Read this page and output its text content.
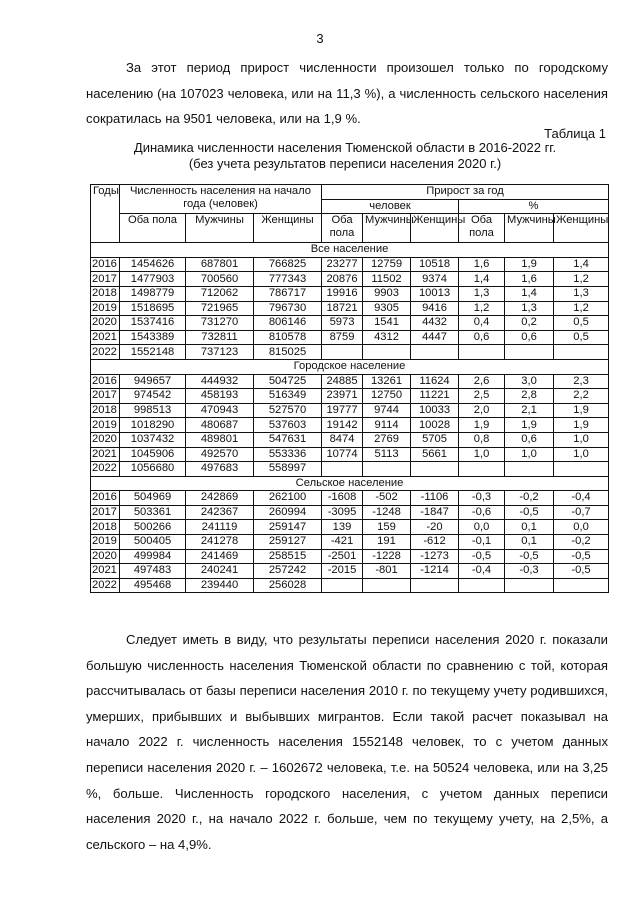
3

За этот период прирост численности произошел только по городскому населению (на 107023 человека, или на 11,3 %), а численность сельского населения сократилась на 9501 человека, или на 1,9 %.

Таблица 1
Динамика численности населения Тюменской области в 2016-2022 гг.
(без учета результатов переписи населения 2020 г.)
Годы	Численность населения на начало года (человек)			Прирост за год					
				человек			%		
	Оба пола	Мужчины	Женщины	Оба пола	Мужчины	Женщины	Оба пола	Мужчины	Женщины
Все население									
2016	1454626	687801	766825	23277	12759	10518	1,6	1,9	1,4
2017	1477903	700560	777343	20876	11502	9374	1,4	1,6	1,2
2018	1498779	712062	786717	19916	9903	10013	1,3	1,4	1,3
2019	1518695	721965	796730	18721	9305	9416	1,2	1,3	1,2
2020	1537416	731270	806146	5973	1541	4432	0,4	0,2	0,5
2021	1543389	732811	810578	8759	4312	4447	0,6	0,6	0,5
2022	1552148	737123	815025						
Городское население									
2016	949657	444932	504725	24885	13261	11624	2,6	3,0	2,3
2017	974542	458193	516349	23971	12750	11221	2,5	2,8	2,2
2018	998513	470943	527570	19777	9744	10033	2,0	2,1	1,9
2019	1018290	480687	537603	19142	9114	10028	1,9	1,9	1,9
2020	1037432	489801	547631	8474	2769	5705	0,8	0,6	1,0
2021	1045906	492570	553336	10774	5113	5661	1,0	1,0	1,0
2022	1056680	497683	558997						
Сельское население									
2016	504969	242869	262100	-1608	-502	-1106	-0,3	-0,2	-0,4
2017	503361	242367	260994	-3095	-1248	-1847	-0,6	-0,5	-0,7
2018	500266	241119	259147	139	159	-20	0,0	0,1	0,0
2019	500405	241278	259127	-421	191	-612	-0,1	0,1	-0,2
2020	499984	241469	258515	-2501	-1228	-1273	-0,5	-0,5	-0,5
2021	497483	240241	257242	-2015	-801	-1214	-0,4	-0,3	-0,5
2022	495468	239440	256028						

Следует иметь в виду, что результаты переписи населения 2020 г. показали большую численность населения Тюменской области по сравнению с той, которая рассчитывалась от базы переписи населения 2010 г. по текущему учету родившихся, умерших, прибывших и выбывших мигрантов. Если такой расчет показывал на начало 2022 г. численность населения 1552148 человек, то с учетом данных переписи населения 2020 г. – 1602672 человека, т.е. на 50524 человека, или на 3,25 %, больше. Численность городского населения, с учетом данных переписи населения 2020 г., на начало 2022 г. больше, чем по текущему учету, на 2,5%, а сельского – на 4,9%.
